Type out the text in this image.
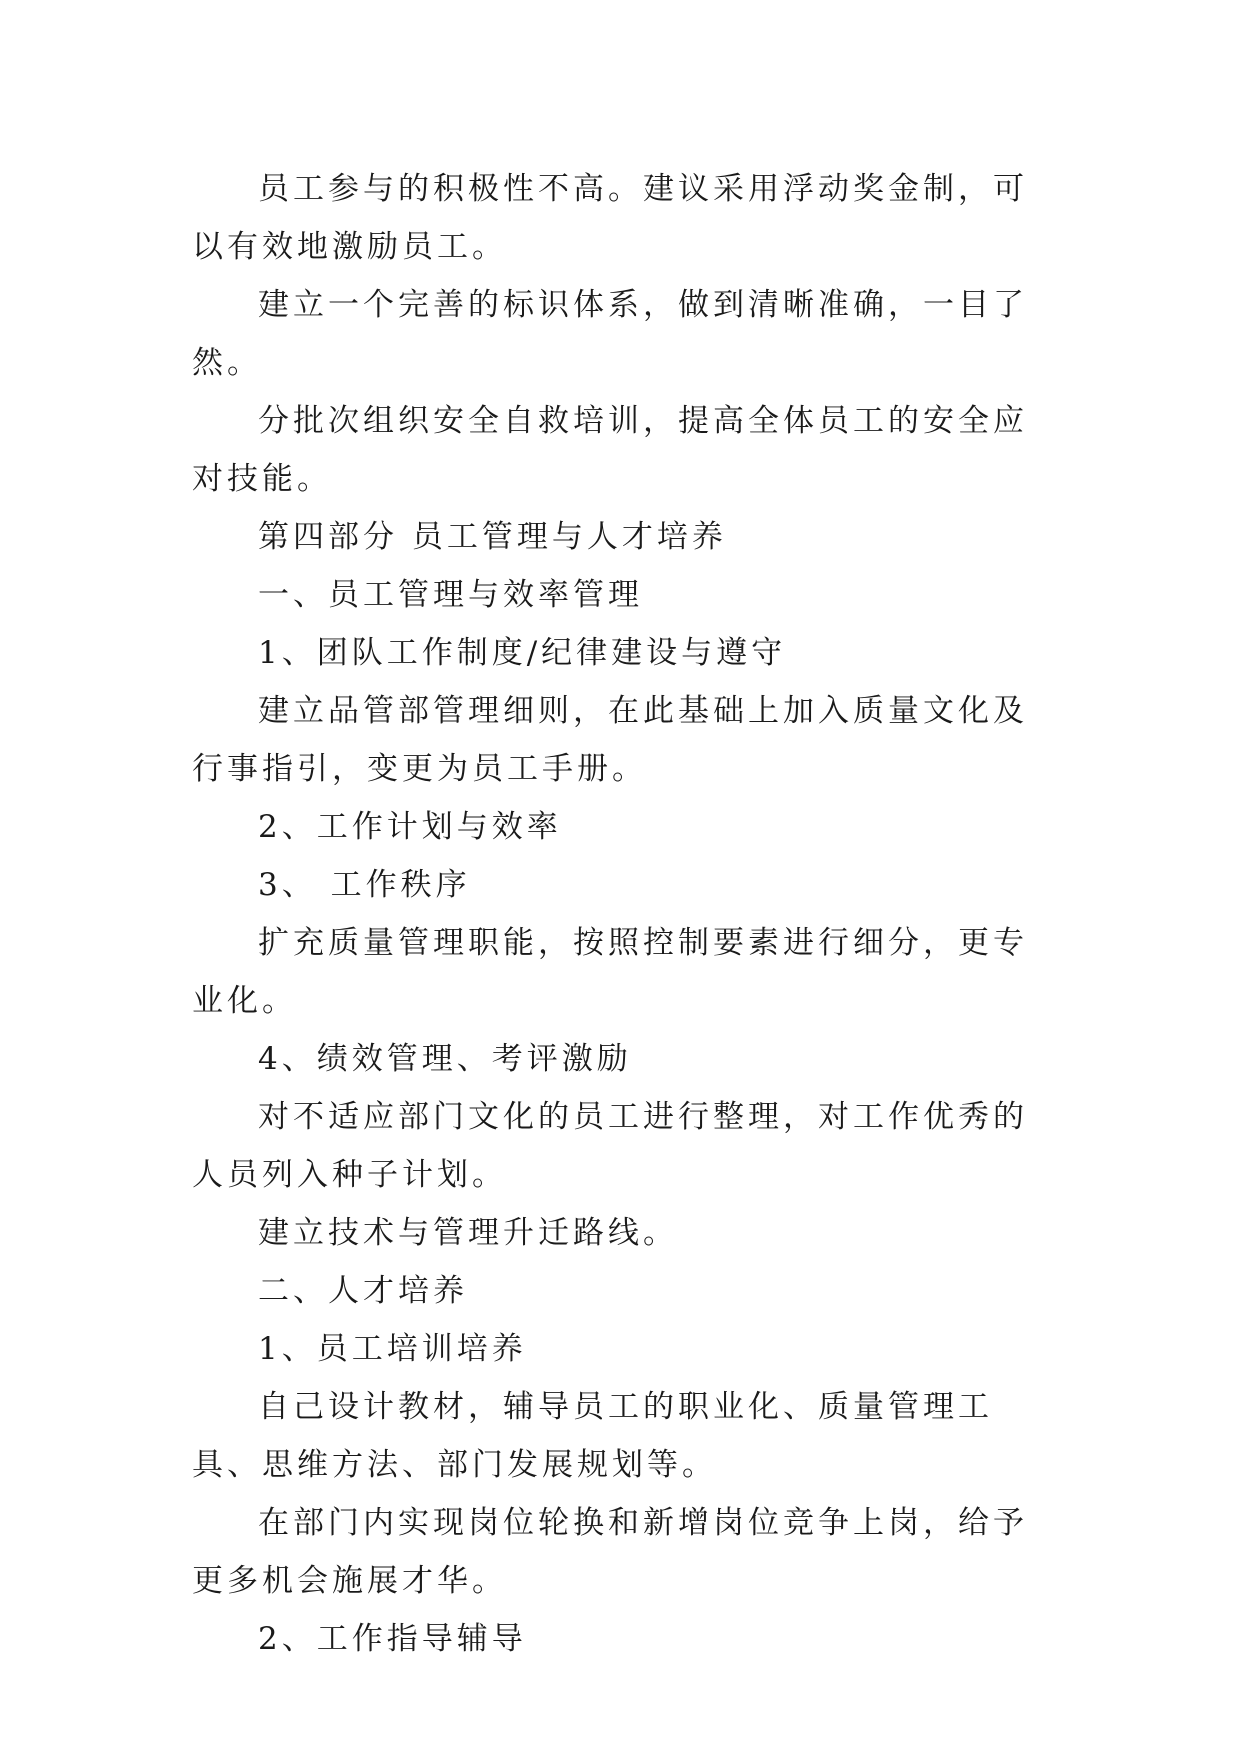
员工参与的积极性不高。建议采用浮动奖金制，可以有效地激励员工。

建立一个完善的标识体系，做到清晰准确，一目了然。

分批次组织安全自救培训，提高全体员工的安全应对技能。

第四部分 员工管理与人才培养

一、员工管理与效率管理

1、团队工作制度/纪律建设与遵守

建立品管部管理细则，在此基础上加入质量文化及行事指引，变更为员工手册。

2、工作计划与效率

3、 工作秩序

扩充质量管理职能，按照控制要素进行细分，更专业化。

4、绩效管理、考评激励

对不适应部门文化的员工进行整理，对工作优秀的人员列入种子计划。

建立技术与管理升迁路线。

二、人才培养

1、员工培训培养

自己设计教材，辅导员工的职业化、质量管理工具、思维方法、部门发展规划等。

在部门内实现岗位轮换和新增岗位竞争上岗，给予更多机会施展才华。

2、工作指导辅导
